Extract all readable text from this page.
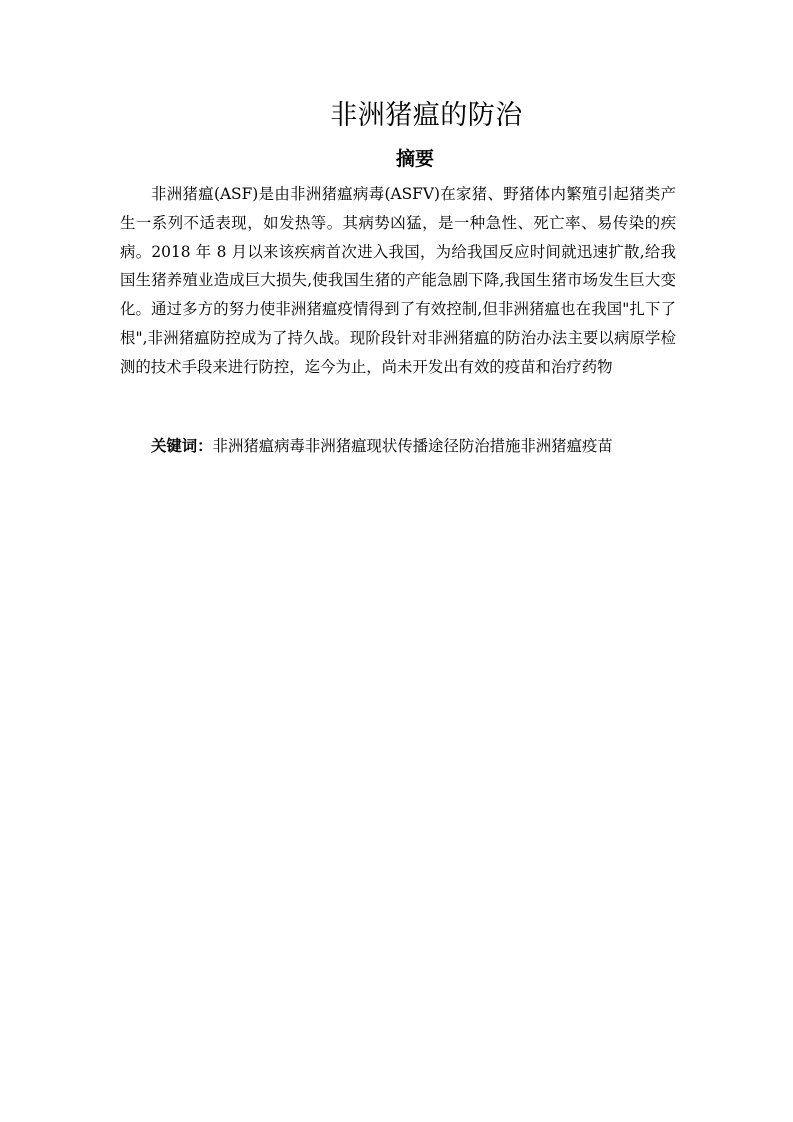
非洲猪瘟的防治
摘要

非洲猪瘟(ASF)是由非洲猪瘟病毒(ASFV)在家猪、野猪体内繁殖引起猪类产生一系列不适表现，如发热等。其病势凶猛，是一种急性、死亡率、易传染的疾病。2018 年 8 月以来该疾病首次进入我国，为给我国反应时间就迅速扩散,给我国生猪养殖业造成巨大损失,使我国生猪的产能急剧下降,我国生猪市场发生巨大变化。通过多方的努力使非洲猪瘟疫情得到了有效控制,但非洲猪瘟也在我国"扎下了根",非洲猪瘟防控成为了持久战。现阶段针对非洲猪瘟的防治办法主要以病原学检测的技术手段来进行防控，迄今为止，尚未开发出有效的疫苗和治疗药物

关键词：非洲猪瘟病毒非洲猪瘟现状传播途径防治措施非洲猪瘟疫苗
